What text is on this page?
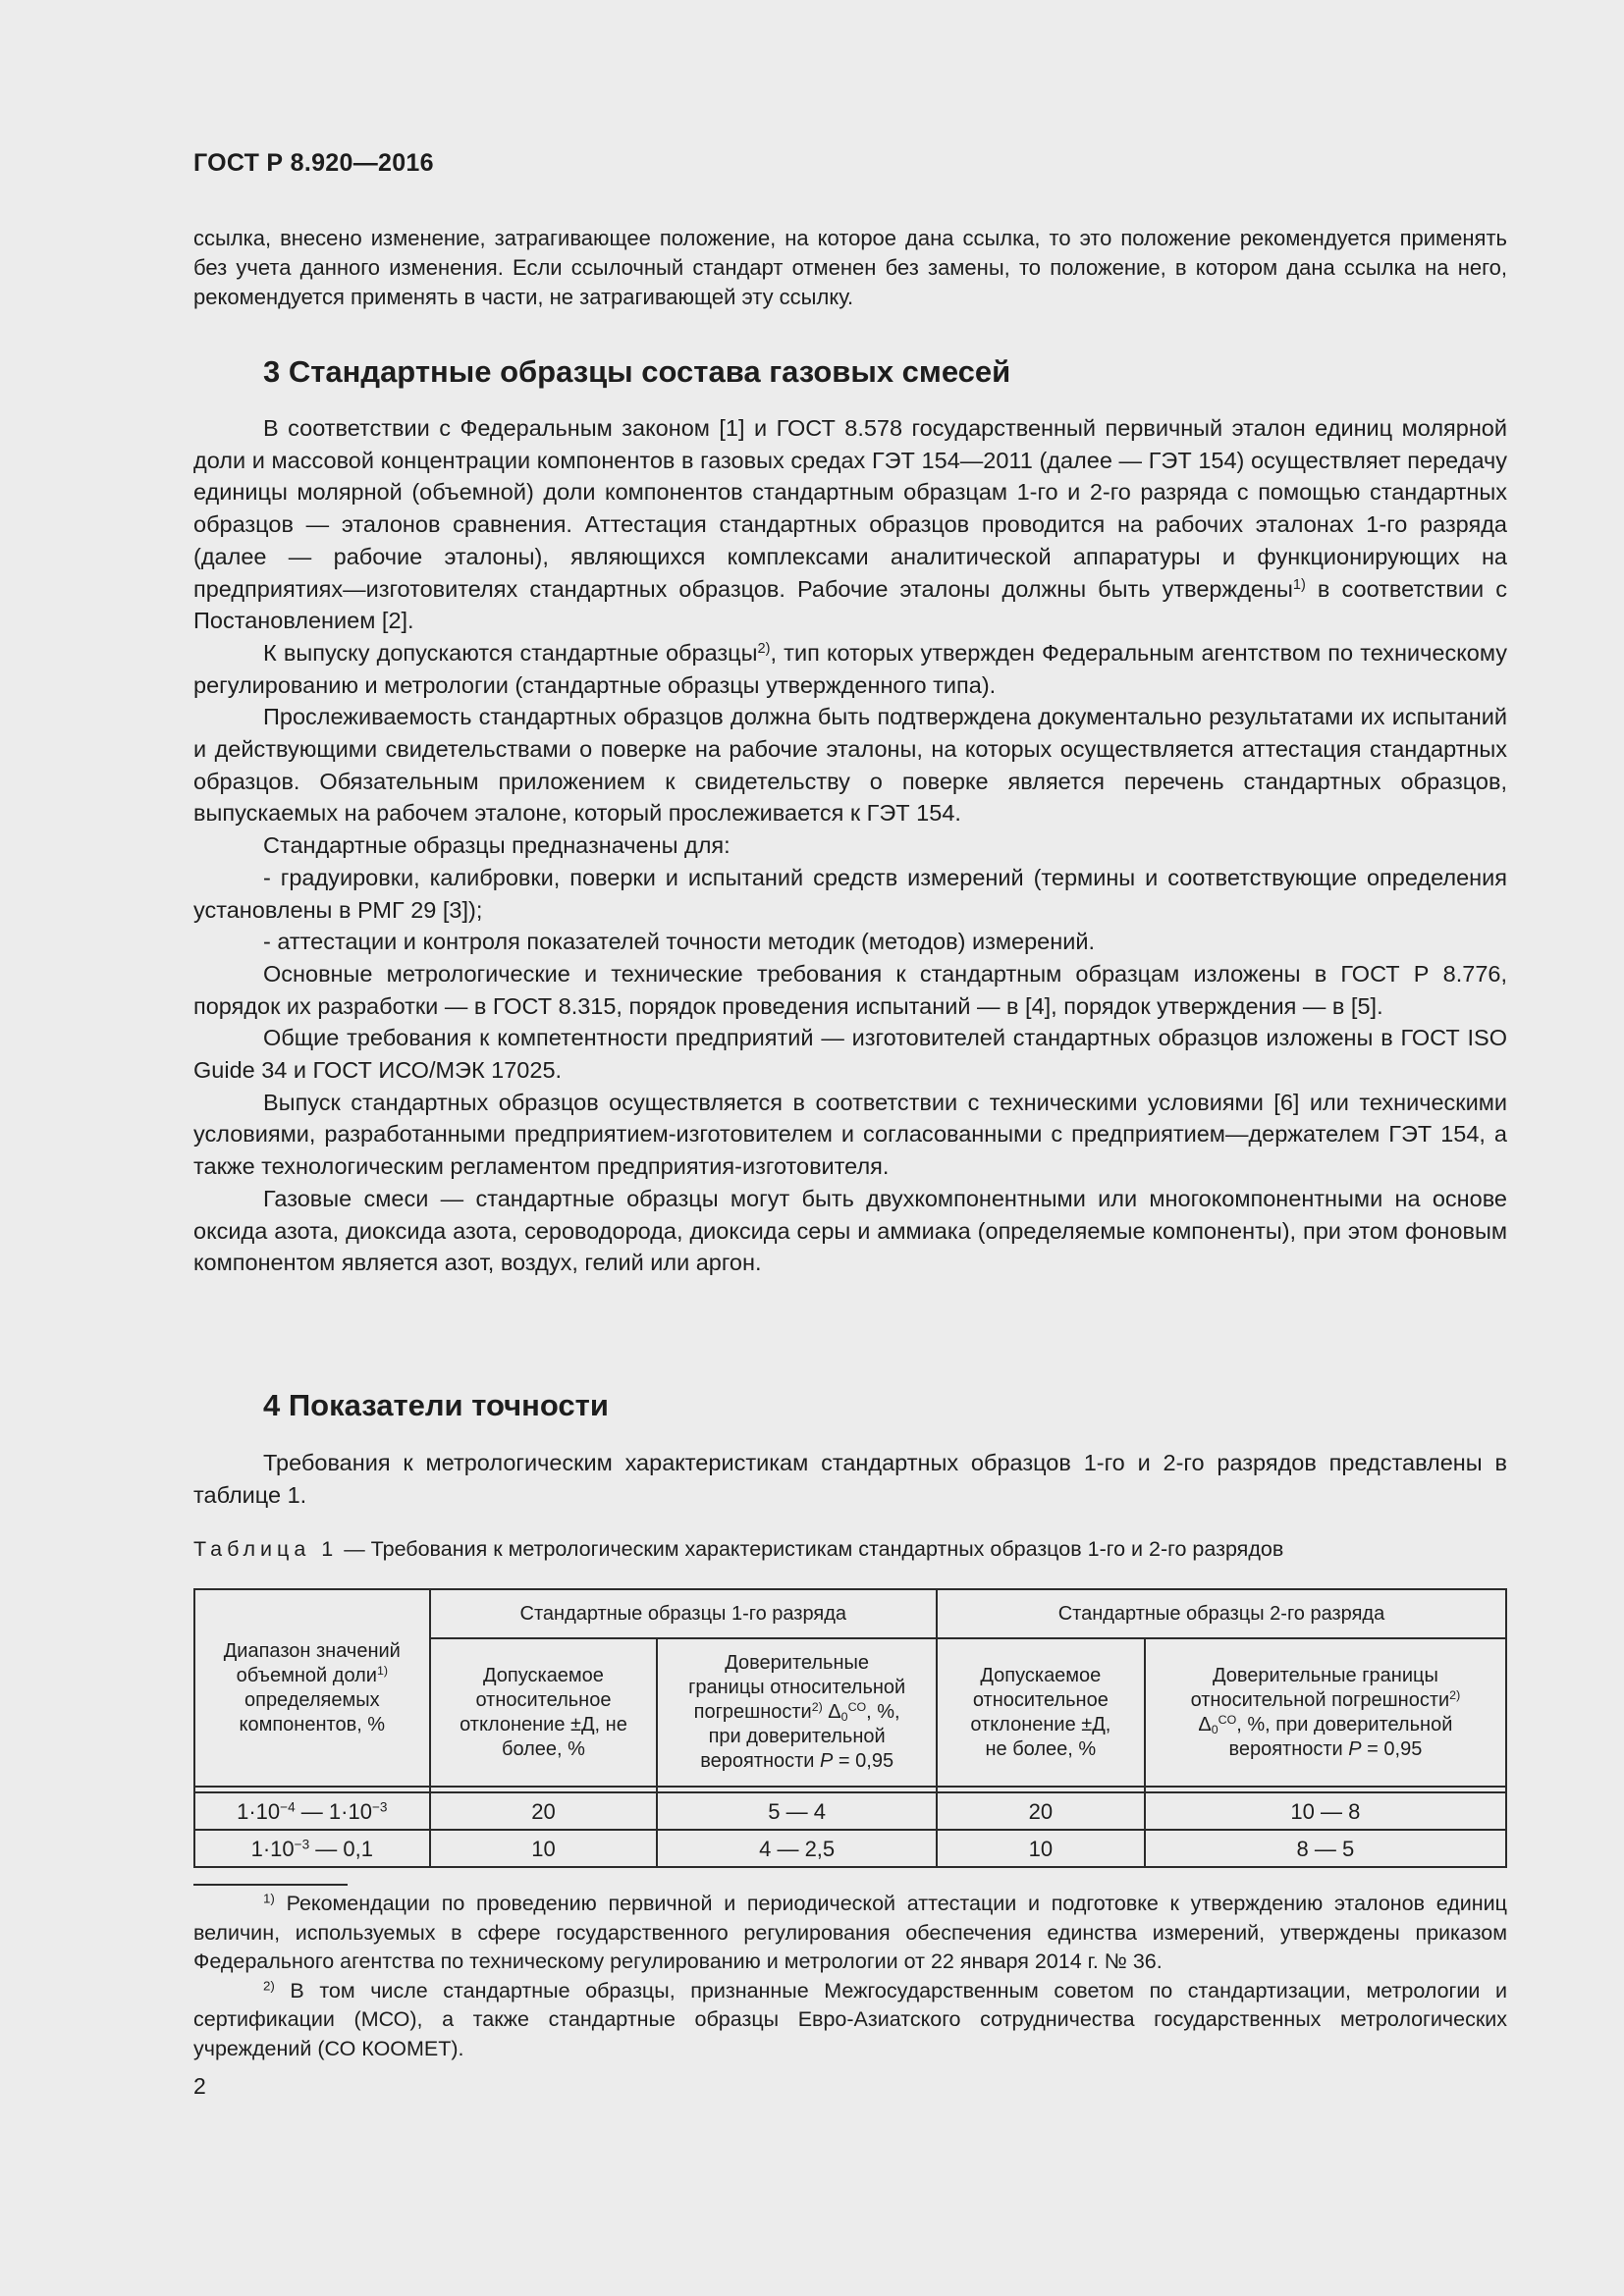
ГОСТ Р 8.920—2016

ссылка, внесено изменение, затрагивающее положение, на которое дана ссылка, то это положение рекомендуется применять без учета данного изменения. Если ссылочный стандарт отменен без замены, то положение, в котором дана ссылка на него, рекомендуется применять в части, не затрагивающей эту ссылку.

3 Стандартные образцы состава газовых смесей

В соответствии с Федеральным законом [1] и ГОСТ 8.578 государственный первичный эталон единиц молярной доли и массовой концентрации компонентов в газовых средах ГЭТ 154—2011 (далее — ГЭТ 154) осуществляет передачу единицы молярной (объемной) доли компонентов стандартным образцам 1-го и 2-го разряда с помощью стандартных образцов — эталонов сравнения. Аттестация стандартных образцов проводится на рабочих эталонах 1-го разряда (далее — рабочие эталоны), являющихся комплексами аналитической аппаратуры и функционирующих на предприятиях—изготовителях стандартных образцов. Рабочие эталоны должны быть утверждены$^{1)}$ в соответствии с Постановлением [2].

К выпуску допускаются стандартные образцы$^{2)}$, тип которых утвержден Федеральным агентством по техническому регулированию и метрологии (стандартные образцы утвержденного типа).

Прослеживаемость стандартных образцов должна быть подтверждена документально результатами их испытаний и действующими свидетельствами о поверке на рабочие эталоны, на которых осуществляется аттестация стандартных образцов. Обязательным приложением к свидетельству о поверке является перечень стандартных образцов, выпускаемых на рабочем эталоне, который прослеживается к ГЭТ 154.

Стандартные образцы предназначены для:

- градуировки, калибровки, поверки и испытаний средств измерений (термины и соответствующие определения установлены в РМГ 29 [3]);

- аттестации и контроля показателей точности методик (методов) измерений.

Основные метрологические и технические требования к стандартным образцам изложены в ГОСТ Р 8.776, порядок их разработки — в ГОСТ 8.315, порядок проведения испытаний — в [4], порядок утверждения — в [5].

Общие требования к компетентности предприятий — изготовителей стандартных образцов изложены в ГОСТ ISO Guide 34 и ГОСТ ИСО/МЭК 17025.

Выпуск стандартных образцов осуществляется в соответствии с техническими условиями [6] или техническими условиями, разработанными предприятием-изготовителем и согласованными с предприятием—держателем ГЭТ 154, а также технологическим регламентом предприятия-изготовителя.

Газовые смеси — стандартные образцы могут быть двухкомпонентными или многокомпонентными на основе оксида азота, диоксида азота, сероводорода, диоксида серы и аммиака (определяемые компоненты), при этом фоновым компонентом является азот, воздух, гелий или аргон.

4 Показатели точности

Требования к метрологическим характеристикам стандартных образцов 1-го и 2-го разрядов представлены в таблице 1.

Таблица 1 — Требования к метрологическим характеристикам стандартных образцов 1-го и 2-го разрядов
Диапазон значений объемной доли$^{1)}$ определяемых компонентов, %	Стандартные образцы 1-го разряда		Стандартные образцы 2-го разряда	
	Допускаемое относительное отклонение ±Д, не более, %	Доверительные границы относительной погрешности$^{2)}$ $\Delta_0^{CO}$, %, при доверительной вероятности P = 0,95	Допускаемое относительное отклонение ±Д, не более, %	Доверительные границы относительной погрешности$^{2)}$ $\Delta_0^{CO}$, %, при доверительной вероятности P = 0,95

$1\cdot 10^{-4}$ — $1\cdot 10^{-3}$	20	5 — 4	20	10 — 8
$1\cdot 10^{-3}$ — 0,1	10	4 — 2,5	10	8 — 5

$^{1)}$ Рекомендации по проведению первичной и периодической аттестации и подготовке к утверждению эталонов единиц величин, используемых в сфере государственного регулирования обеспечения единства измерений, утверждены приказом Федерального агентства по техническому регулированию и метрологии от 22 января 2014 г. № 36.

$^{2)}$ В том числе стандартные образцы, признанные Межгосударственным советом по стандартизации, метрологии и сертификации (МСО), а также стандартные образцы Евро-Азиатского сотрудничества государственных метрологических учреждений (СО КООМЕТ).

2
